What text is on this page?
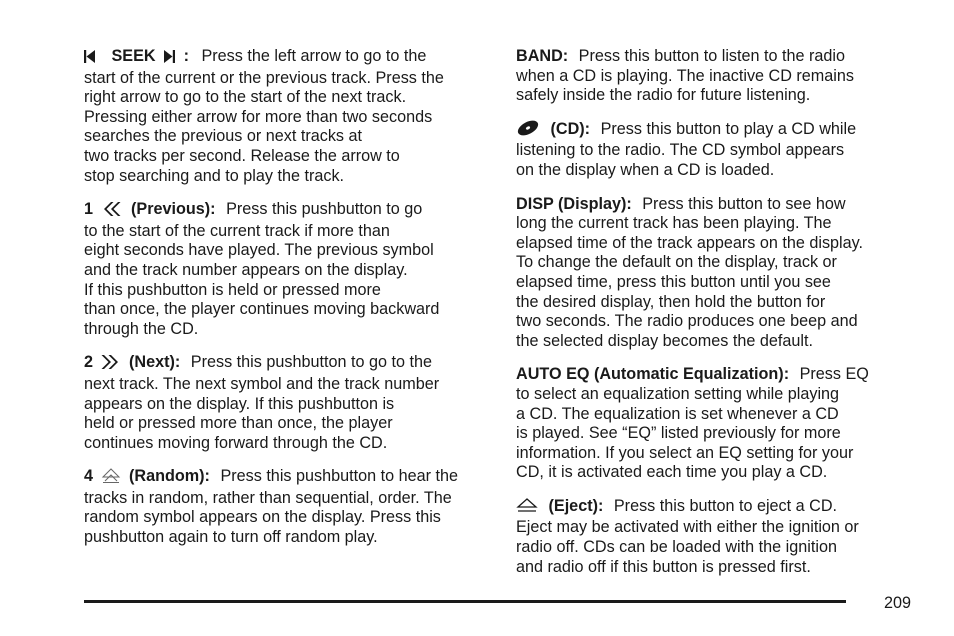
SEEK : Press the left arrow to go to the
start of the current or the previous track. Press the
right arrow to go to the start of the next track.
Pressing either arrow for more than two seconds
searches the previous or next tracks at
two tracks per second. Release the arrow to
stop searching and to play the track.
1 (Previous): Press this pushbutton to go
to the start of the current track if more than
eight seconds have played. The previous symbol
and the track number appears on the display.
If this pushbutton is held or pressed more
than once, the player continues moving backward
through the CD.
2 (Next): Press this pushbutton to go to the
next track. The next symbol and the track number
appears on the display. If this pushbutton is
held or pressed more than once, the player
continues moving forward through the CD.
4 (Random): Press this pushbutton to hear the
tracks in random, rather than sequential, order. The
random symbol appears on the display. Press this
pushbutton again to turn off random play.
BAND: Press this button to listen to the radio
when a CD is playing. The inactive CD remains
safely inside the radio for future listening.
(CD): Press this button to play a CD while
listening to the radio. The CD symbol appears
on the display when a CD is loaded.
DISP (Display): Press this button to see how
long the current track has been playing. The
elapsed time of the track appears on the display.
To change the default on the display, track or
elapsed time, press this button until you see
the desired display, then hold the button for
two seconds. The radio produces one beep and
the selected display becomes the default.
AUTO EQ (Automatic Equalization): Press EQ
to select an equalization setting while playing
a CD. The equalization is set whenever a CD
is played. See “EQ” listed previously for more
information. If you select an EQ setting for your
CD, it is activated each time you play a CD.
(Eject): Press this button to eject a CD.
Eject may be activated with either the ignition or
radio off. CDs can be loaded with the ignition
and radio off if this button is pressed first.
209
